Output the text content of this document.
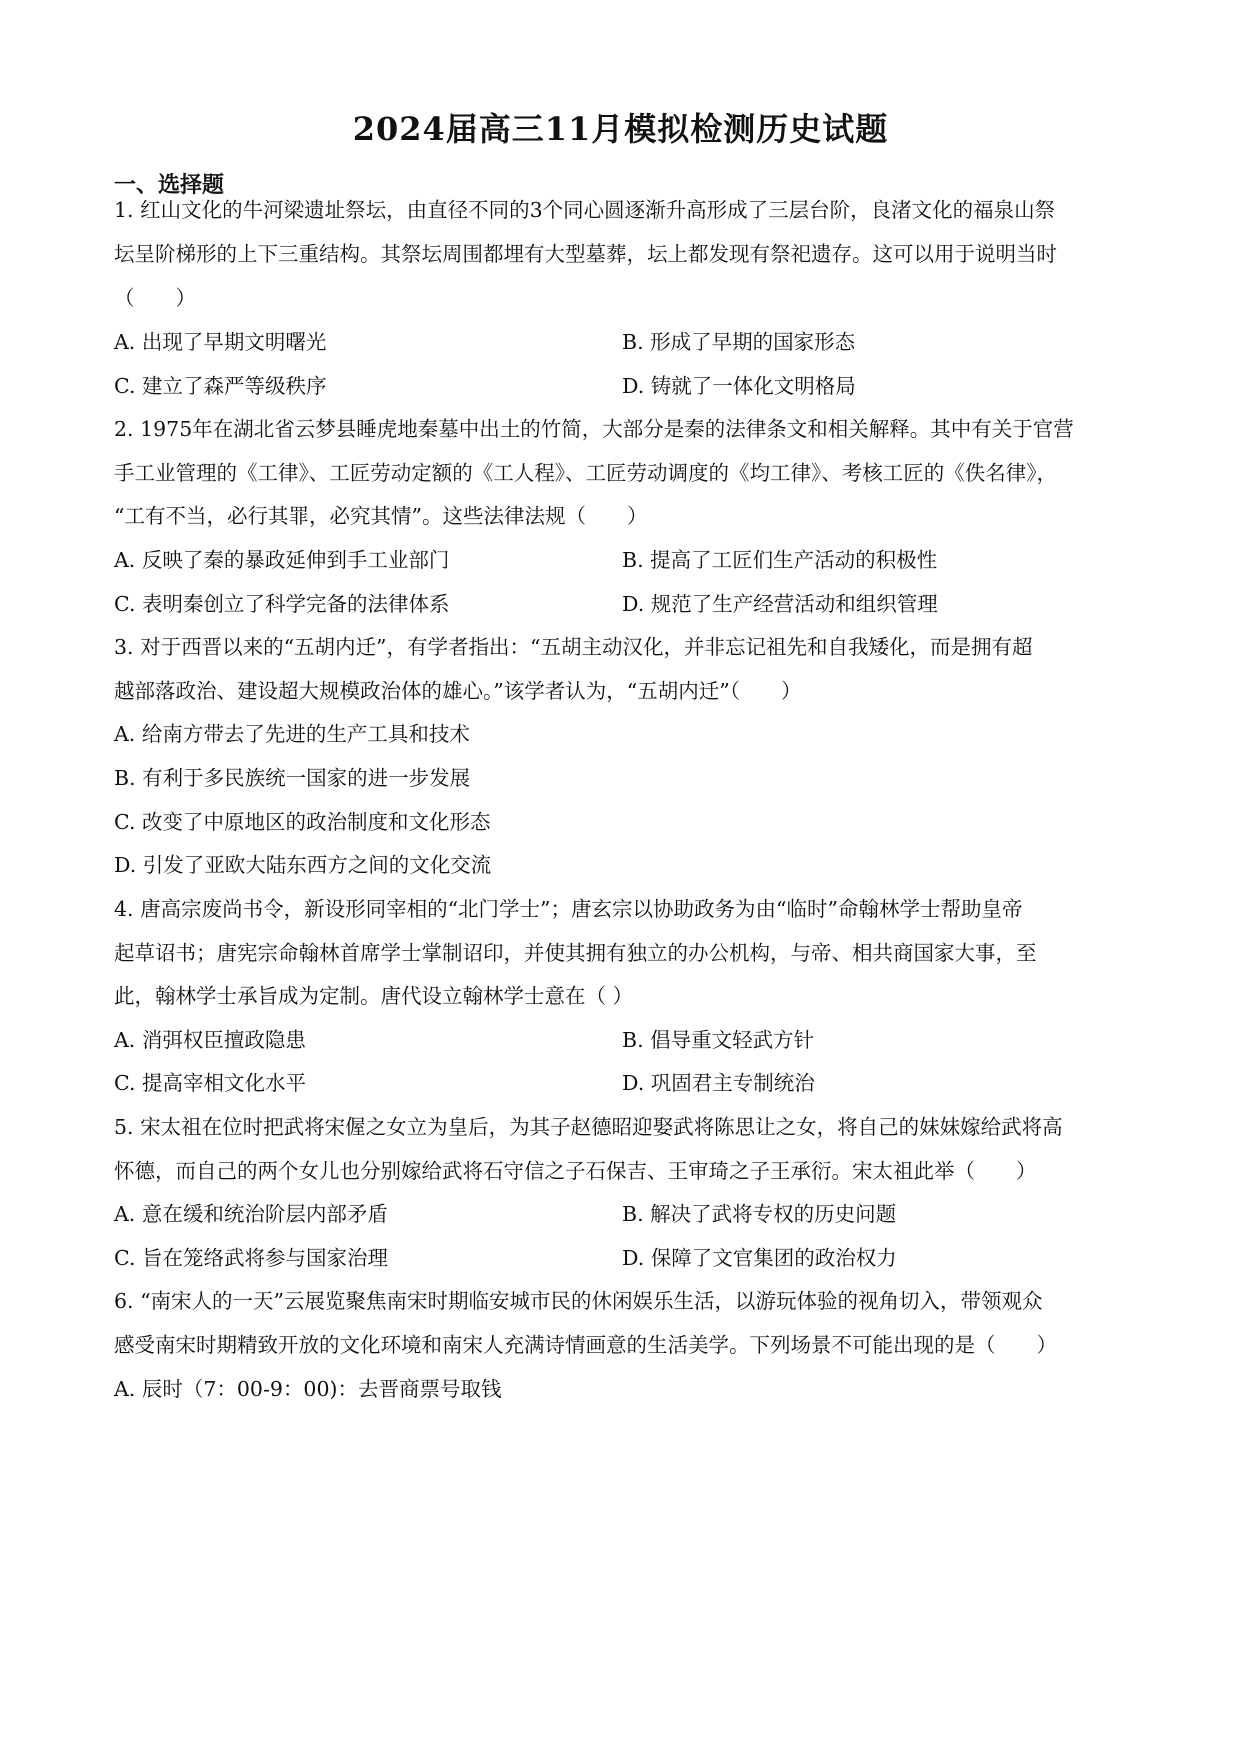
2024届高三11月模拟检测历史试题
一、选择题
1. 红山文化的牛河梁遗址祭坛，由直径不同的3个同心圆逐渐升高形成了三层台阶，良渚文化的福泉山祭
坛呈阶梯形的上下三重结构。其祭坛周围都埋有大型墓葬，坛上都发现有祭祀遗存。这可以用于说明当时
（　　）
A. 出现了早期文明曙光	B. 形成了早期的国家形态
C. 建立了森严等级秩序	D. 铸就了一体化文明格局
2. 1975年在湖北省云梦县睡虎地秦墓中出土的竹简，大部分是秦的法律条文和相关解释。其中有关于官营
手工业管理的《工律》、工匠劳动定额的《工人程》、工匠劳动调度的《均工律》、考核工匠的《佚名律》，
“工有不当，必行其罪，必究其情”。这些法律法规（　　）
A. 反映了秦的暴政延伸到手工业部门	B. 提高了工匠们生产活动的积极性
C. 表明秦创立了科学完备的法律体系	D. 规范了生产经营活动和组织管理
3. 对于西晋以来的“五胡内迁”，有学者指出：“五胡主动汉化，并非忘记祖先和自我矮化，而是拥有超
越部落政治、建设超大规模政治体的雄心。”该学者认为，“五胡内迁”（　　）
A. 给南方带去了先进的生产工具和技术
B. 有利于多民族统一国家的进一步发展
C. 改变了中原地区的政治制度和文化形态
D. 引发了亚欧大陆东西方之间的文化交流
4. 唐高宗废尚书令，新设形同宰相的“北门学士”；唐玄宗以协助政务为由“临时”命翰林学士帮助皇帝
起草诏书；唐宪宗命翰林首席学士掌制诏印，并使其拥有独立的办公机构，与帝、相共商国家大事，至
此，翰林学士承旨成为定制。唐代设立翰林学士意在（ ）
A. 消弭权臣擅政隐患	B. 倡导重文轻武方针
C. 提高宰相文化水平	D. 巩固君主专制统治
5. 宋太祖在位时把武将宋偓之女立为皇后，为其子赵德昭迎娶武将陈思让之女，将自己的妹妹嫁给武将高
怀德，而自己的两个女儿也分别嫁给武将石守信之子石保吉、王审琦之子王承衍。宋太祖此举（　　）
A. 意在缓和统治阶层内部矛盾	B. 解决了武将专权的历史问题
C. 旨在笼络武将参与国家治理	D. 保障了文官集团的政治权力
6. “南宋人的一天”云展览聚焦南宋时期临安城市民的休闲娱乐生活，以游玩体验的视角切入，带领观众
感受南宋时期精致开放的文化环境和南宋人充满诗情画意的生活美学。下列场景不可能出现的是（　　）
A. 辰时（7：00-9：00)：去晋商票号取钱
